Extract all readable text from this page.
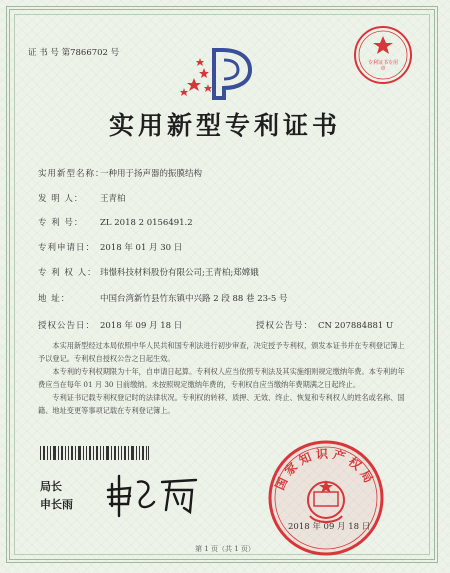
证 书 号 第7866702 号
专利证书专用章
实用新型专利证书
实用新型名称：一种用于扬声器的振膜结构
发 明 人： 王青柏
专 利 号： ZL 2018 2 0156491.2
专利申请日： 2018 年 01 月 30 日
专 利 权 人： 玮憬科技材料股份有限公司;王青柏;郑嫦娥
地 址：	中国台湾新竹县竹东镇中兴路 2 段 88 巷 23-5 号
授权公告日： 2018 年 09 月 18 日	授权公告号： CN 207884881 U

本实用新型经过本局依照中华人民共和国专利法进行初步审查，决定授予专利权，颁发本证书并在专利登记簿上予以登记。专利权自授权公告之日起生效。

本专利的专利权期限为十年，自申请日起算。专利权人应当依照专利法及其实施细则规定缴纳年费。本专利的年费应当在每年 01 月 30 日前缴纳。未按照规定缴纳年费的，专利权自应当缴纳年费期满之日起终止。

专利证书记载专利权登记时的法律状况。专利权的转移、质押、无效、终止、恢复和专利权人的姓名或名称、国籍、地址变更等事项记载在专利登记簿上。

局长
申长雨
国家知识产权局
2018 年 09 月 18 日
第 1 页（共 1 页）
